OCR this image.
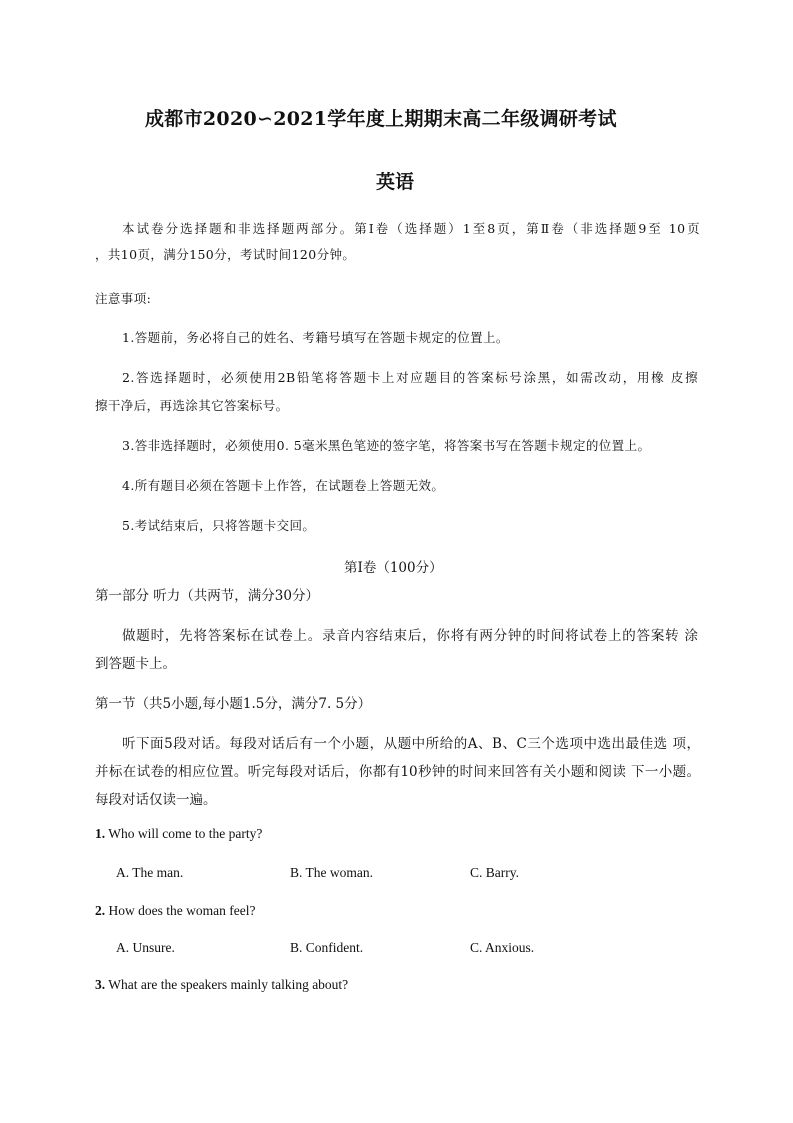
成都市2020∽2021学年度上期期末高二年级调研考试

英语

本试卷分选择题和非选择题两部分。第Ⅰ卷（选择题）1至8页，第Ⅱ卷（非选择题9至 10页

，共10页，满分150分，考试时间120分钟。

注意事项:

1.答题前，务必将自己的姓名、考籍号填写在答题卡规定的位置上。

2.答选择题时，必须使用2B铅笔将答题卡上对应题目的答案标号涂黑，如需改动，用橡 皮擦

擦干净后，再选涂其它答案标号。

3.答非选择题时，必须使用0. 5毫米黑色笔迹的签字笔，将答案书写在答题卡规定的位置上。

4.所有题目必须在答题卡上作答，在试题卷上答题无效。

5.考试结束后，只将答题卡交回。

第I卷（100分）

第一部分 听力（共两节，满分30分）

做题时，先将答案标在试卷上。录音内容结束后，你将有两分钟的时间将试卷上的答案转 涂

到答题卡上。

第一节（共5小题,每小题1.5分，满分7. 5分）

听下面5段对话。每段对话后有一个小题，从题中所给的A、B、C三个选项中选出最佳选 项，

并标在试卷的相应位置。听完每段对话后，你都有10秒钟的时间来回答有关小题和阅读 下一小题。

每段对话仅读一遍。

1. Who will come to the party?

A. The man.	B. The woman.	C. Barry.

2. How does the woman feel?

A. Unsure.	B. Confident.	C. Anxious.

3. What are the speakers mainly talking about?
